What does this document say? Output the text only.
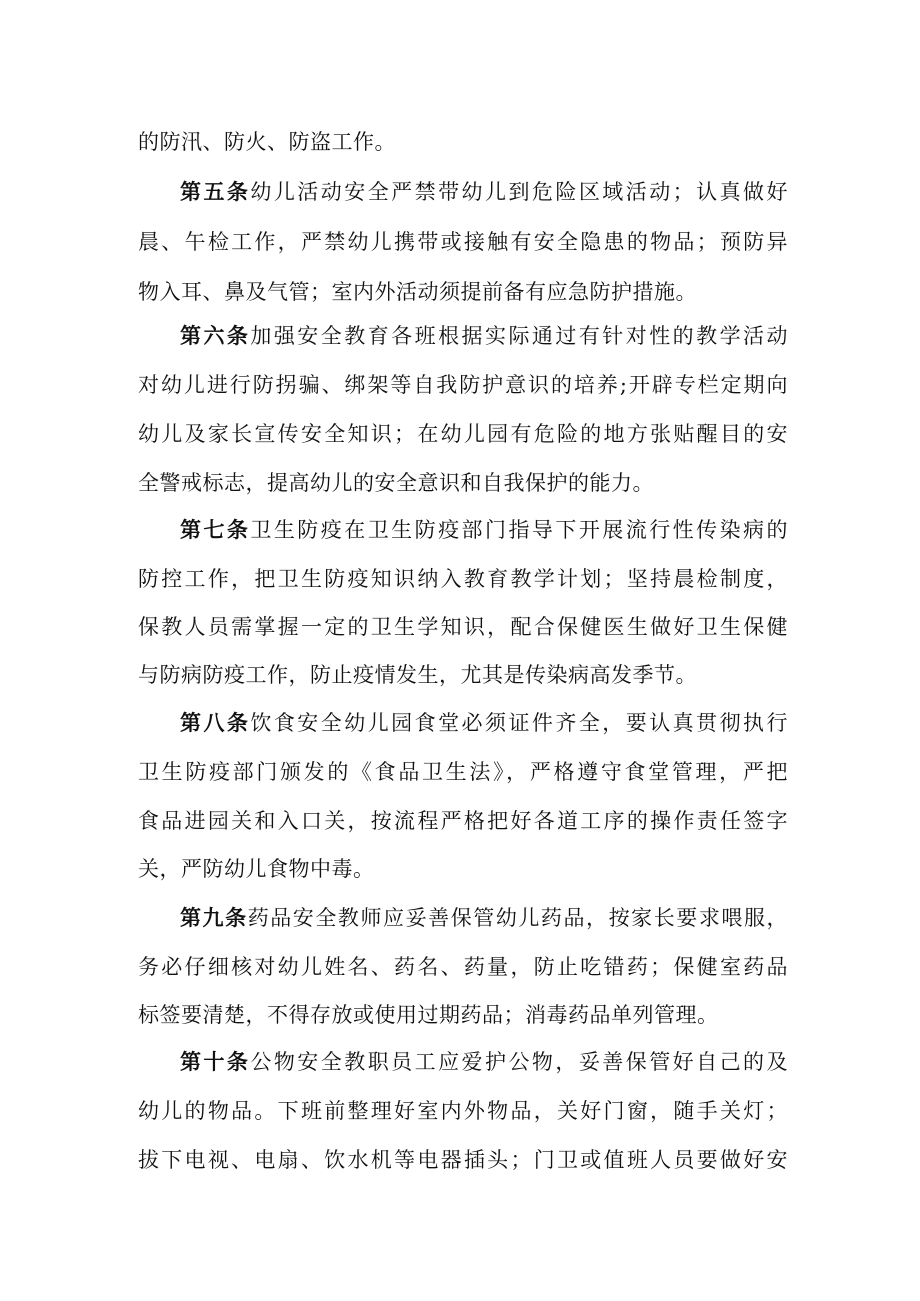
的防汛、防火、防盗工作。
第五条幼儿活动安全严禁带幼儿到危险区域活动；认真做好
晨、午检工作，严禁幼儿携带或接触有安全隐患的物品；预防异
物入耳、鼻及气管；室内外活动须提前备有应急防护措施。
第六条加强安全教育各班根据实际通过有针对性的教学活动
对幼儿进行防拐骗、绑架等自我防护意识的培养;开辟专栏定期向
幼儿及家长宣传安全知识；在幼儿园有危险的地方张贴醒目的安
全警戒标志，提高幼儿的安全意识和自我保护的能力。
第七条卫生防疫在卫生防疫部门指导下开展流行性传染病的
防控工作，把卫生防疫知识纳入教育教学计划；坚持晨检制度，
保教人员需掌握一定的卫生学知识，配合保健医生做好卫生保健
与防病防疫工作，防止疫情发生，尤其是传染病高发季节。
第八条饮食安全幼儿园食堂必须证件齐全，要认真贯彻执行
卫生防疫部门颁发的《食品卫生法》，严格遵守食堂管理，严把
食品进园关和入口关，按流程严格把好各道工序的操作责任签字
关，严防幼儿食物中毒。
第九条药品安全教师应妥善保管幼儿药品，按家长要求喂服，
务必仔细核对幼儿姓名、药名、药量，防止吃错药；保健室药品
标签要清楚，不得存放或使用过期药品；消毒药品单列管理。
第十条公物安全教职员工应爱护公物，妥善保管好自己的及
幼儿的物品。下班前整理好室内外物品，关好门窗，随手关灯；
拔下电视、电扇、饮水机等电器插头；门卫或值班人员要做好安
